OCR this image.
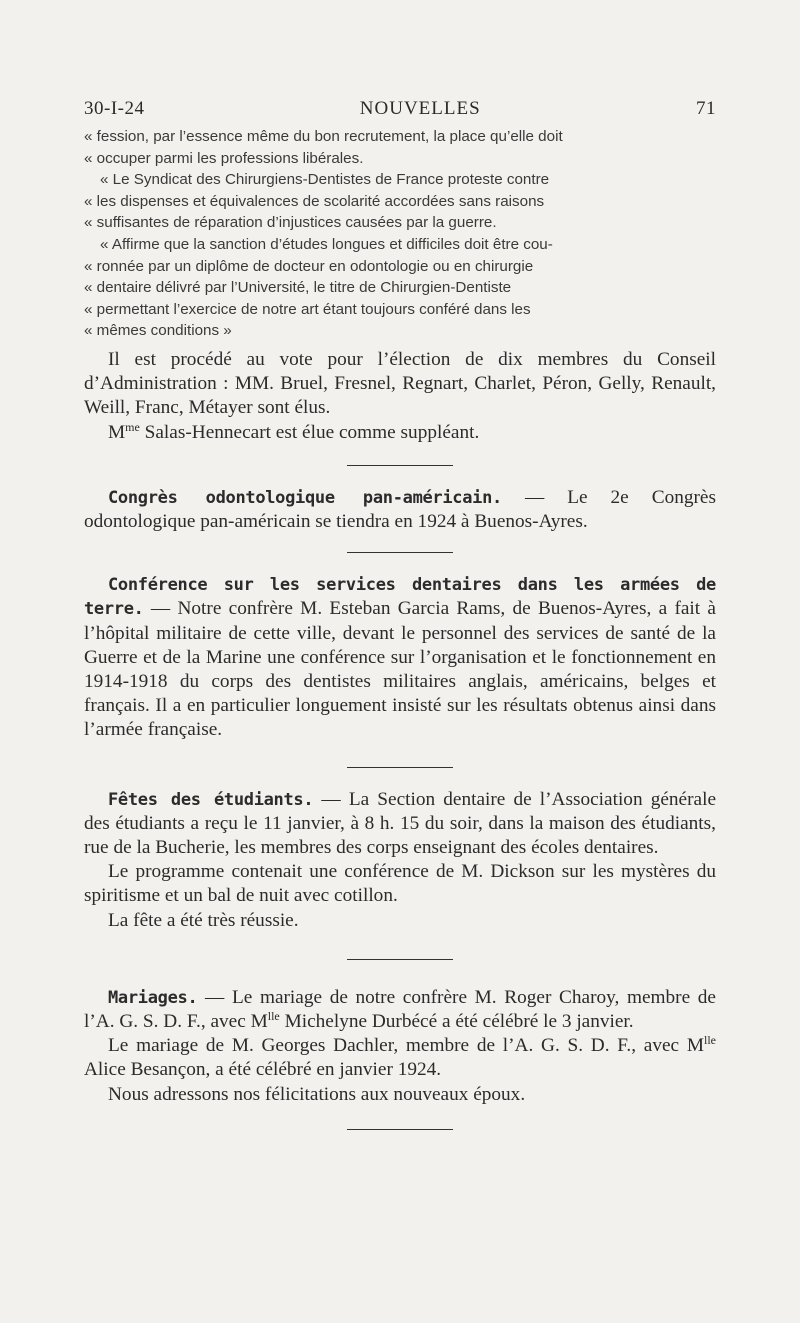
30-I-24	NOUVELLES	71

« fession, par l’essence même du bon recrutement, la place qu’elle doit

« occuper parmi les professions libérales.

« Le Syndicat des Chirurgiens-Dentistes de France proteste contre

« les dispenses et équivalences de scolarité accordées sans raisons

« suffisantes de réparation d’injustices causées par la guerre.

« Affirme que la sanction d’études longues et difficiles doit être cou-

« ronnée par un diplôme de docteur en odontologie ou en chirurgie

« dentaire délivré par l’Université, le titre de Chirurgien-Dentiste

« permettant l’exercice de notre art étant toujours conféré dans les

« mêmes conditions »

Il est procédé au vote pour l’élection de dix membres du Conseil d’Administration : MM. Bruel, Fresnel, Regnart, Charlet, Péron, Gelly, Renault, Weill, Franc, Métayer sont élus.

$M^{me}$ Salas-Hennecart est élue comme suppléant.

Congrès odontologique pan-américain. — Le 2e Congrès odontologique pan-américain se tiendra en 1924 à Buenos-Ayres.

Conférence sur les services dentaires dans les armées de terre. — Notre confrère M. Esteban Garcia Rams, de Buenos-Ayres, a fait à l’hôpital militaire de cette ville, devant le personnel des services de santé de la Guerre et de la Marine une conférence sur l’organisation et le fonctionnement en 1914-1918 du corps des dentistes militaires anglais, américains, belges et français. Il a en particulier longuement insisté sur les résultats obtenus ainsi dans l’armée française.

Fêtes des étudiants. — La Section dentaire de l’Association générale des étudiants a reçu le 11 janvier, à 8 h. 15 du soir, dans la maison des étudiants, rue de la Bucherie, les membres des corps enseignant des écoles dentaires.

Le programme contenait une conférence de M. Dickson sur les mystères du spiritisme et un bal de nuit avec cotillon.

La fête a été très réussie.

Mariages. — Le mariage de notre confrère M. Roger Charoy, membre de l’A. G. S. D. F., avec $M^{lle}$ Michelyne Durbécé a été célébré le 3 janvier.

Le mariage de M. Georges Dachler, membre de l’A. G. S. D. F., avec $M^{lle}$ Alice Besançon, a été célébré en janvier 1924.

Nous adressons nos félicitations aux nouveaux époux.
